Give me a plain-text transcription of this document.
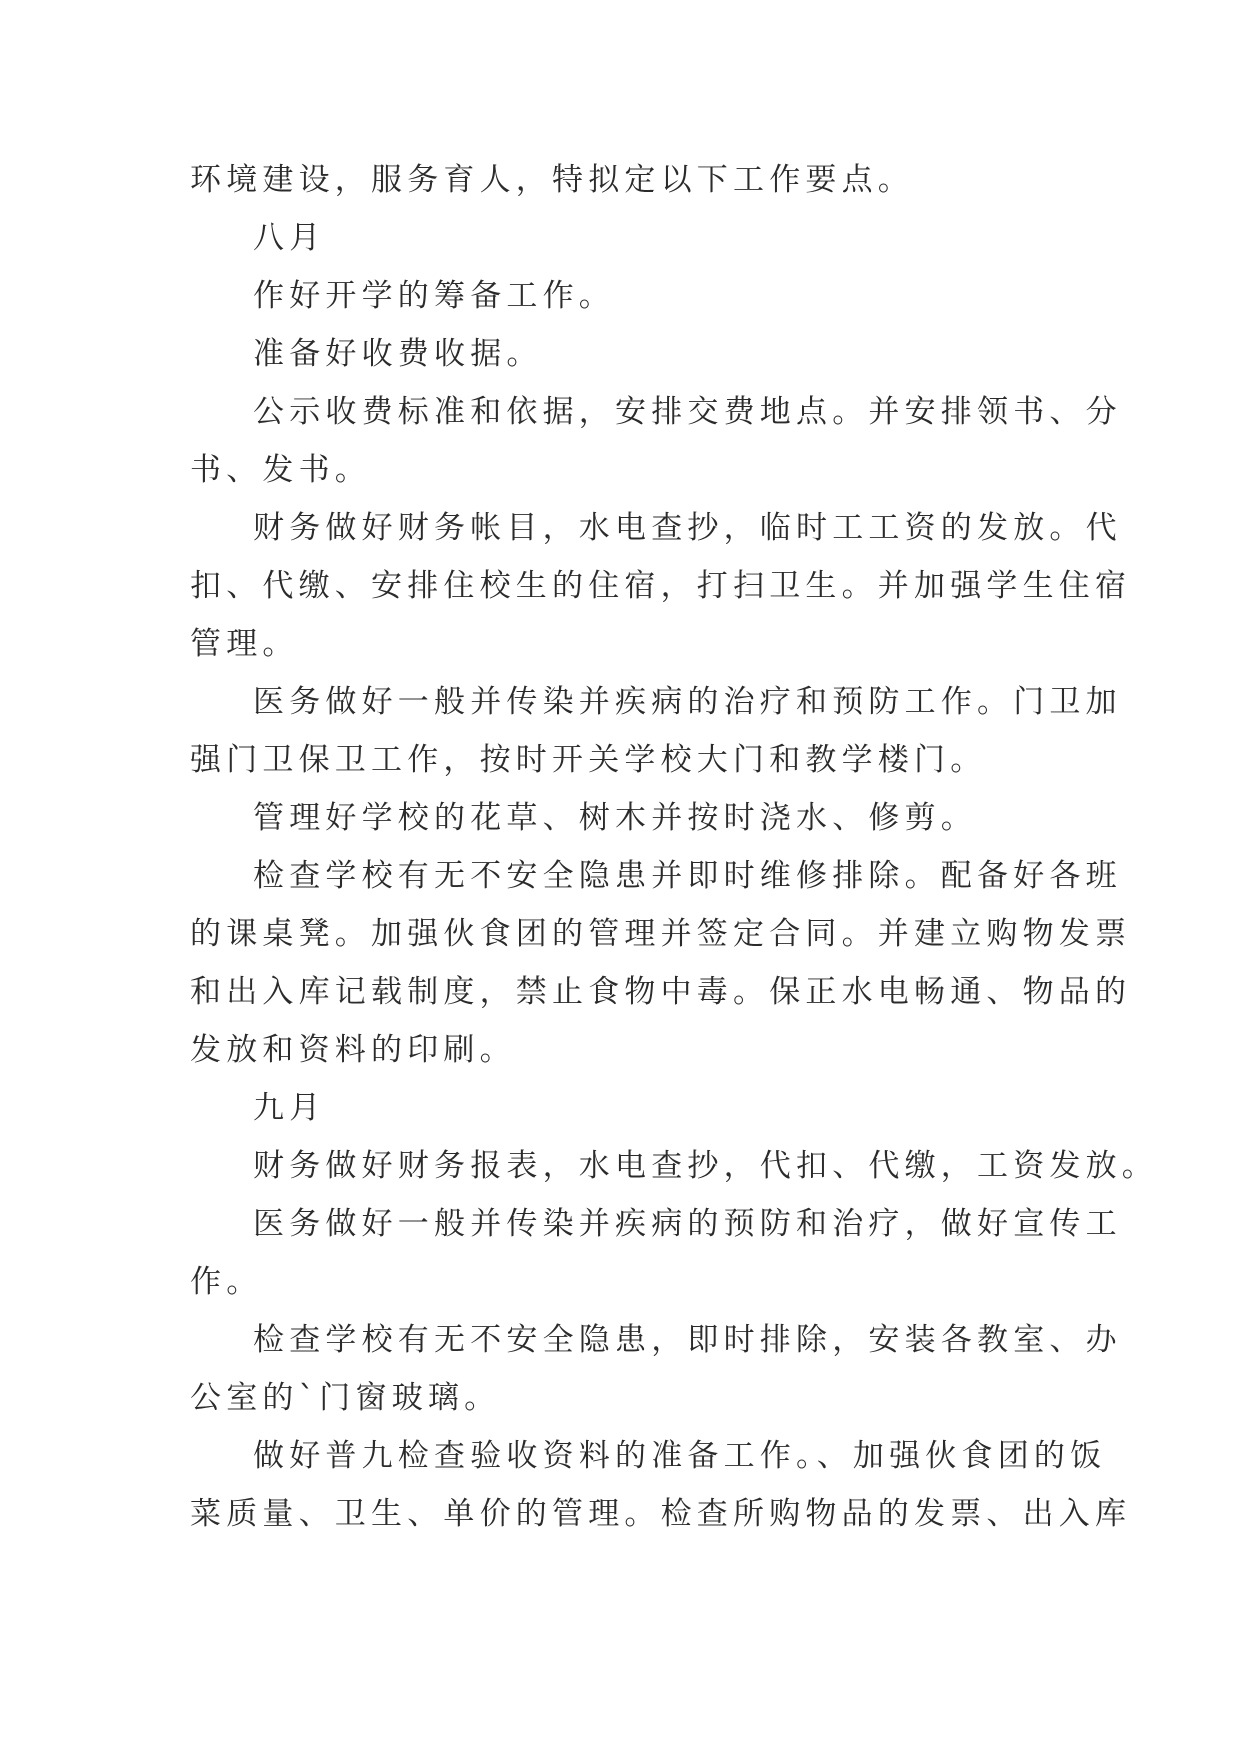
环境建设，服务育人，特拟定以下工作要点。

八月

作好开学的筹备工作。

准备好收费收据。

公示收费标准和依据，安排交费地点。并安排领书、分

书、发书。

财务做好财务帐目，水电查抄，临时工工资的发放。代

扣、代缴、安排住校生的住宿，打扫卫生。并加强学生住宿

管理。

医务做好一般并传染并疾病的治疗和预防工作。门卫加

强门卫保卫工作，按时开关学校大门和教学楼门。

管理好学校的花草、树木并按时浇水、修剪。

检查学校有无不安全隐患并即时维修排除。配备好各班

的课桌凳。加强伙食团的管理并签定合同。并建立购物发票

和出入库记载制度，禁止食物中毒。保正水电畅通、物品的

发放和资料的印刷。

九月

财务做好财务报表，水电查抄，代扣、代缴，工资发放。

医务做好一般并传染并疾病的预防和治疗，做好宣传工

作。

检查学校有无不安全隐患，即时排除，安装各教室、办

公室的`门窗玻璃。

做好普九检查验收资料的准备工作。、加强伙食团的饭

菜质量、卫生、单价的管理。检查所购物品的发票、出入库
